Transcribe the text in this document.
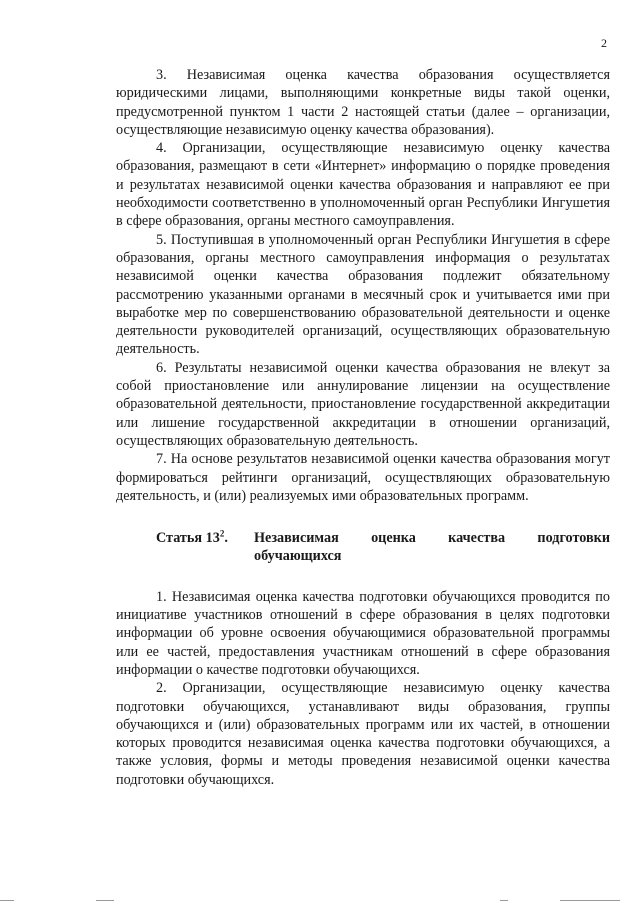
2

3. Независимая оценка качества образования осуществляется юридическими лицами, выполняющими конкретные виды такой оценки, предусмотренной пунктом 1 части 2 настоящей статьи (далее – организации, осуществляющие независимую оценку качества образования).

4. Организации, осуществляющие независимую оценку качества образования, размещают в сети «Интернет» информацию о порядке проведения и результатах независимой оценки качества образования и направляют ее при необходимости соответственно в уполномоченный орган Республики Ингушетия в сфере образования, органы местного самоуправления.

5. Поступившая в уполномоченный орган Республики Ингушетия в сфере образования, органы местного самоуправления информация о результатах независимой оценки качества образования подлежит обязательному рассмотрению указанными органами в месячный срок и учитывается ими при выработке мер по совершенствованию образовательной деятельности и оценке деятельности руководителей организаций, осуществляющих образовательную деятельность.

6. Результаты независимой оценки качества образования не влекут за собой приостановление или аннулирование лицензии на осуществление образовательной деятельности, приостановление государственной аккредитации или лишение государственной аккредитации в отношении организаций, осуществляющих образовательную деятельность.

7. На основе результатов независимой оценки качества образования могут формироваться рейтинги организаций, осуществляющих образовательную деятельность, и (или) реализуемых ими образовательных программ.

Статья $13^2$.	Независимая оценка качества подготовки обучающихся

1. Независимая оценка качества подготовки обучающихся проводится по инициативе участников отношений в сфере образования в целях подготовки информации об уровне освоения обучающимися образовательной программы или ее частей, предоставления участникам отношений в сфере образования информации о качестве подготовки обучающихся.

2. Организации, осуществляющие независимую оценку качества подготовки обучающихся, устанавливают виды образования, группы обучающихся и (или) образовательных программ или их частей, в отношении которых проводится независимая оценка качества подготовки обучающихся, а также условия, формы и методы проведения независимой оценки качества подготовки обучающихся.
